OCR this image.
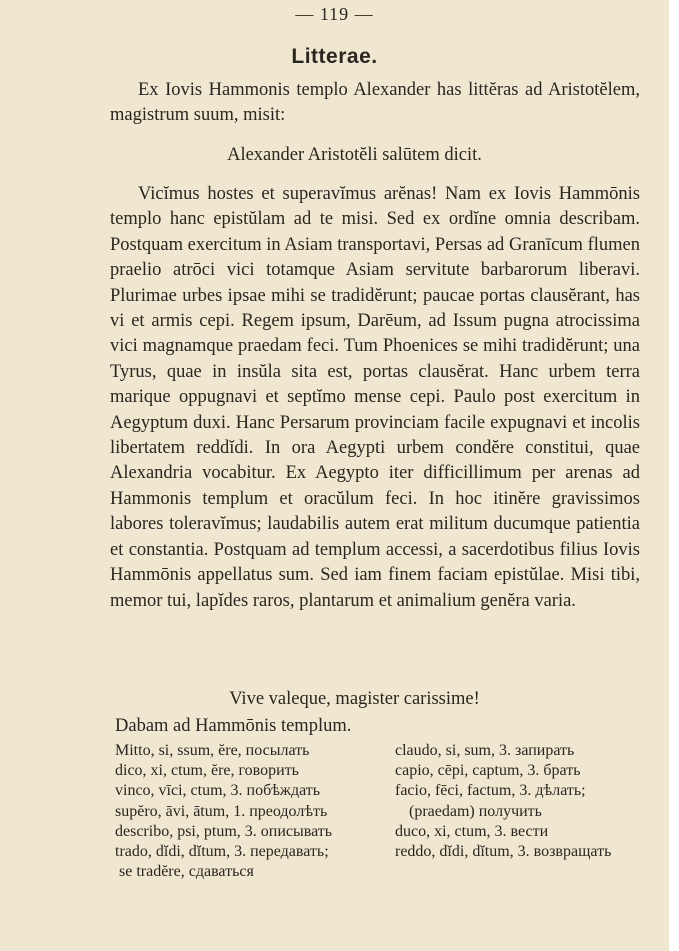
— 119 —
Litterae.

Ex Iovis Hammonis templo Alexander has littĕras ad Aristotĕlem, magistrum suum, misit:

Alexander Aristotĕli salūtem dicit.

Vicĭmus hostes et superavĭmus arĕnas! Nam ex Iovis Hammōnis templo hanc epistŭlam ad te misi. Sed ex ordĭne omnia describam. Postquam exercitum in Asiam transportavi, Persas ad Granīcum flumen praelio atrōci vici totamque Asiam servitute barbarorum liberavi. Plurimae urbes ipsae mihi se tradidĕrunt; paucae portas clausĕrant, has vi et armis cepi. Regem ipsum, Darēum, ad Issum pugna atrocissima vici magnamque praedam feci. Tum Phoenices se mihi tradidĕrunt; una Tyrus, quae in insŭla sita est, portas clausĕrat. Hanc urbem terra marique oppugnavi et septĭmo mense cepi. Paulo post exercitum in Aegyptum duxi. Hanc Persarum provinciam facile expugnavi et incolis libertatem reddĭdi. In ora Aegypti urbem condĕre constitui, quae Alexandria vocabitur. Ex Aegypto iter difficillimum per arenas ad Hammonis templum et oracŭlum feci. In hoc itinĕre gravissimos labores toleravĭmus; laudabilis autem erat militum ducumque patientia et constantia. Postquam ad templum accessi, a sacerdotibus filius Iovis Hammōnis appellatus sum. Sed iam finem faciam epistŭlae. Misi tibi, memor tui, lapĭdes raros, plantarum et animalium genĕra varia.

Vive valeque, magister carissime!
Dabam ad Hammōnis templum.
Mitto, si, ssum, ĕre, посылать
dico, xi, ctum, ĕre, говорить
vinco, vīci, ctum, 3. побѣждать
supĕro, āvi, ātum, 1. преодолѣть
describo, psi, ptum, 3. описывать
trado, dĭdi, dĭtum, 3. передавать;
se tradĕre, сдаваться
claudo, si, sum, 3. запирать
capio, cēpi, captum, 3. брать
facio, fēci, factum, 3. дѣлать;
(praedam) получить
duco, xi, ctum, 3. вести
reddo, dĭdi, dĭtum, 3. возвращать
